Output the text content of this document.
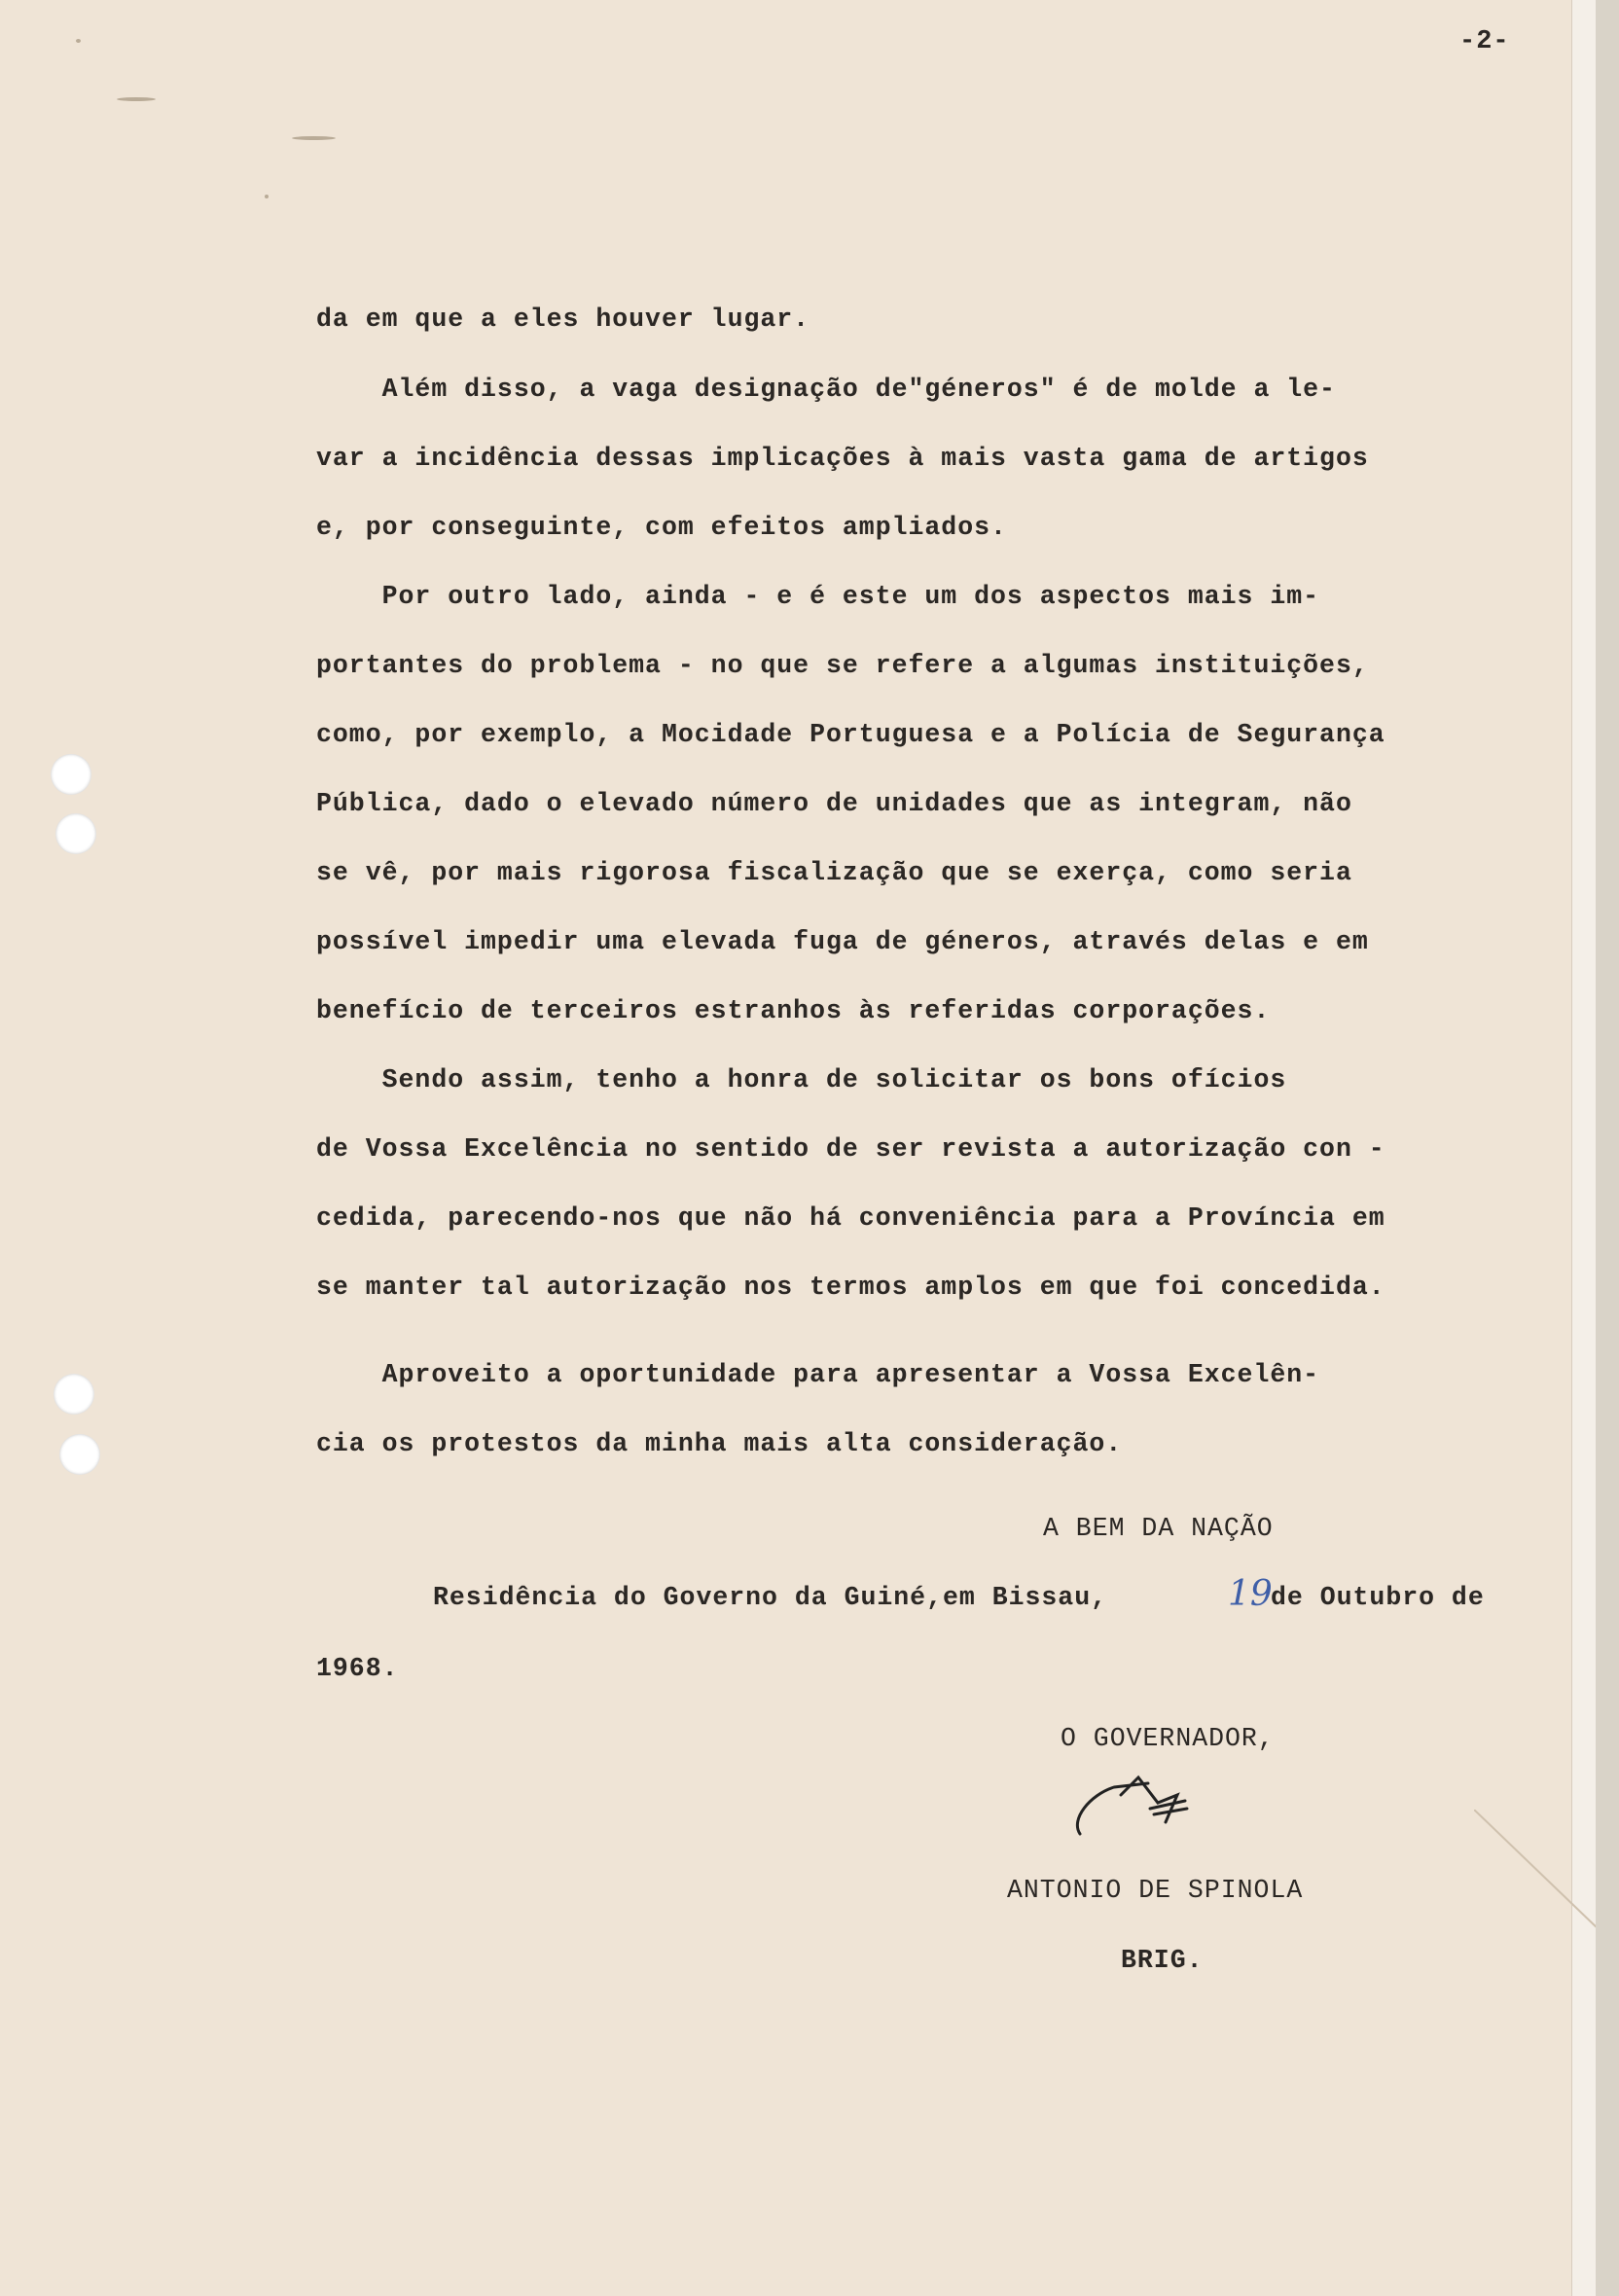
-2-
da em que a eles houver lugar.
Além disso, a vaga designação de"géneros" é de molde a le-
var a incidência dessas implicações à mais vasta gama de artigos
e, por conseguinte, com efeitos ampliados.
Por outro lado, ainda - e é este um dos aspectos mais im-
portantes do problema - no que se refere a algumas instituições,
como, por exemplo, a Mocidade Portuguesa e a Polícia de Segurança
Pública, dado o elevado número de unidades que as integram, não
se vê, por mais rigorosa fiscalização que se exerça, como seria
possível impedir uma elevada fuga de géneros, através delas e em
benefício de terceiros estranhos às referidas corporações.
Sendo assim, tenho a honra de solicitar os bons ofícios
de Vossa Excelência no sentido de ser revista a autorização con -
cedida, parecendo-nos que não há conveniência para a Província em
se manter tal autorização nos termos amplos em que foi concedida.
Aproveito a oportunidade para apresentar a Vossa Excelên-
cia os protestos da minha mais alta consideração.
A BEM DA NAÇÃO
Residência do Governo da Guiné,em Bissau,	19
de Outubro de
1968.
O GOVERNADOR,
ANTONIO DE SPINOLA
BRIG.
